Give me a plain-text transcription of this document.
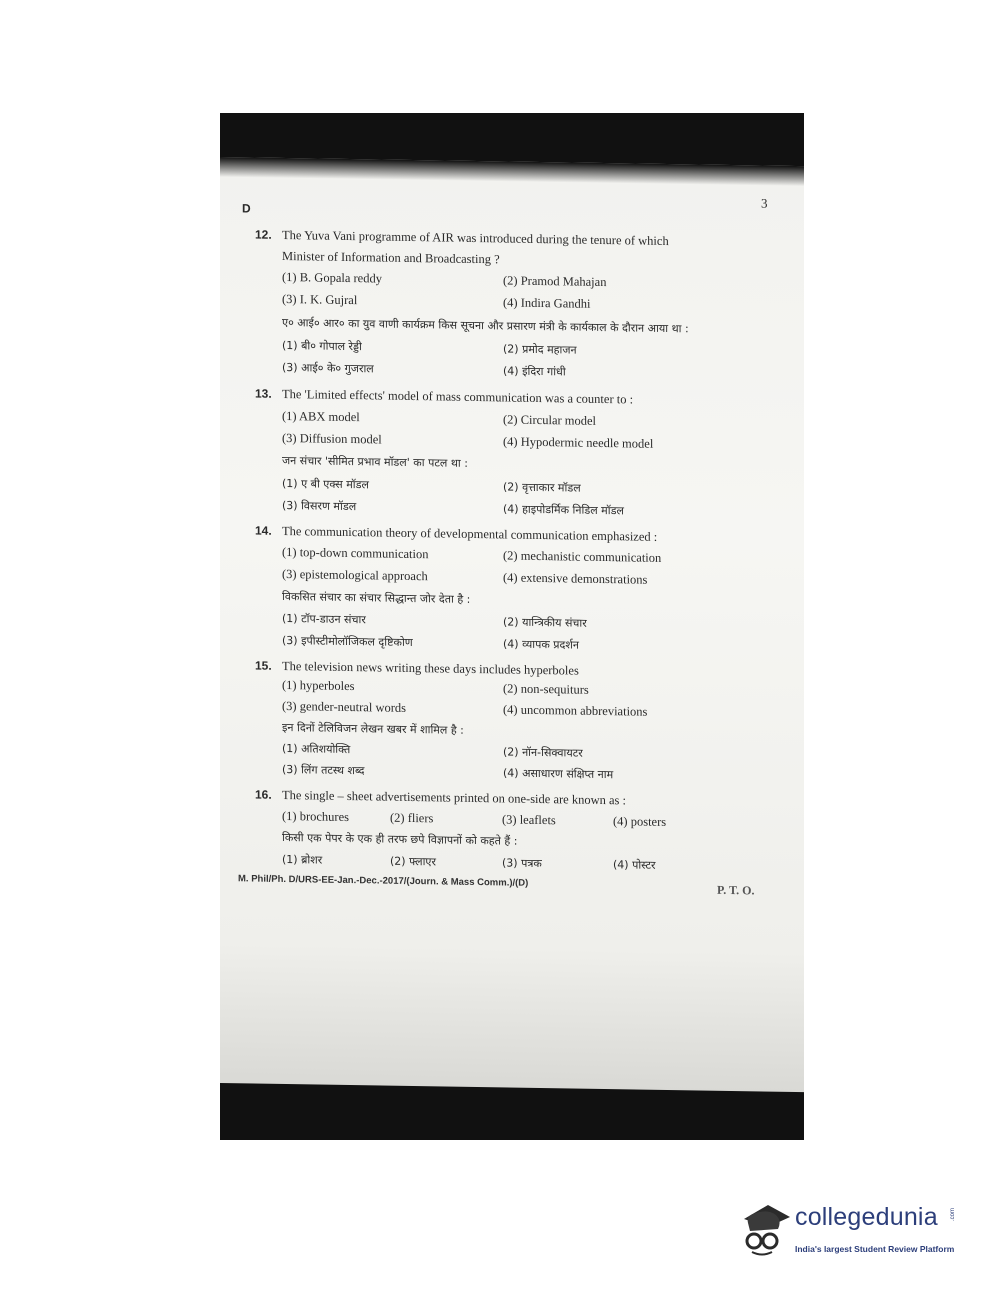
D	3
12. The Yuva Vani programme of AIR was introduced during the tenure of which
Minister of Information and Broadcasting ?
(1) B. Gopala reddy	(2) Pramod Mahajan
(3) I. K. Gujral	(4) Indira Gandhi
ए० आई० आर० का युव वाणी कार्यक्रम किस सूचना और प्रसारण मंत्री के कार्यकाल के दौरान आया था :
(1) बी० गोपाल रेड्डी	(2) प्रमोद महाजन
(3) आई० के० गुजराल	(4) इंदिरा गांधी
13. The 'Limited effects' model of mass communication was a counter to :
(1) ABX model	(2) Circular model
(3) Diffusion model	(4) Hypodermic needle model
जन संचार 'सीमित प्रभाव मॉडल' का पटल था :
(1) ए बी एक्स मॉडल	(2) वृत्ताकार मॉडल
(3) विसरण मॉडल	(4) हाइपोडर्मिक निडिल मॉडल
14. The communication theory of developmental communication emphasized :
(1) top-down communication	(2) mechanistic communication
(3) epistemological approach	(4) extensive demonstrations
विकसित संचार का संचार सिद्धान्त जोर देता है :
(1) टॉप-डाउन संचार	(2) यान्त्रिकीय संचार
(3) इपीस्टीमोलॉजिकल दृष्टिकोण	(4) व्यापक प्रदर्शन
15. The television news writing these days includes hyperboles
(1) hyperboles	(2) non-sequiturs
(3) gender-neutral words	(4) uncommon abbreviations
इन दिनों टेलिविजन लेखन खबर में शामिल है :
(1) अतिशयोक्ति	(2) नॉन-सिक्वायटर
(3) लिंग तटस्थ शब्द	(4) असाधारण संक्षिप्त नाम
16. The single – sheet advertisements printed on one-side are known as :
(1) brochures	(2) fliers	(3) leaflets	(4) posters
किसी एक पेपर के एक ही तरफ छपे विज्ञापनों को कहते हैं :
(1) ब्रोशर	(2) फ्लाएर	(3) पत्रक	(4) पोस्टर
M. Phil/Ph. D/URS-EE-Jan.-Dec.-2017/(Journ. & Mass Comm.)/(D)
P. T. O.
collegedunia .com
India's largest Student Review Platform
